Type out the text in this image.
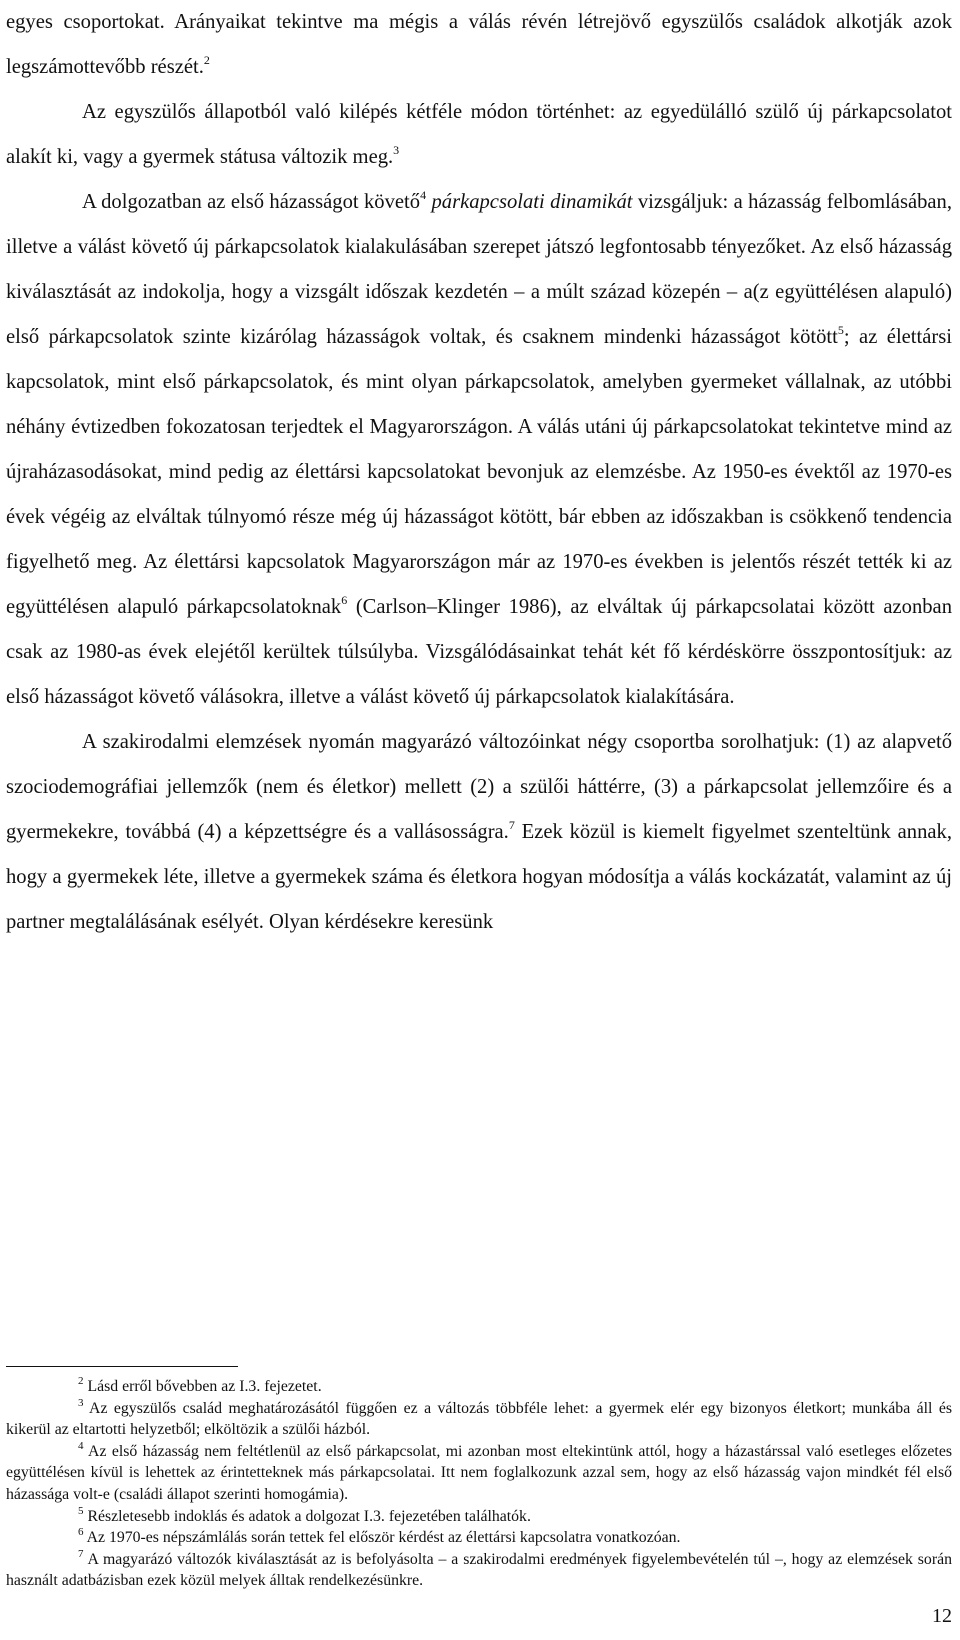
egyes csoportokat. Arányaikat tekintve ma mégis a válás révén létrejövő egyszülős családok alkotják azok legszámottevőbb részét.$^2$

Az egyszülős állapotból való kilépés kétféle módon történhet: az egyedülálló szülő új párkapcsolatot alakít ki, vagy a gyermek státusa változik meg.$^3$

A dolgozatban az első házasságot követő$^4$ párkapcsolati dinamikát vizsgáljuk: a házasság felbomlásában, illetve a válást követő új párkapcsolatok kialakulásában szerepet játszó legfontosabb tényezőket. Az első házasság kiválasztását az indokolja, hogy a vizsgált időszak kezdetén – a múlt század közepén – a(z együttélésen alapuló) első párkapcsolatok szinte kizárólag házasságok voltak, és csaknem mindenki házasságot kötött$^5$; az élettársi kapcsolatok, mint első párkapcsolatok, és mint olyan párkapcsolatok, amelyben gyermeket vállalnak, az utóbbi néhány évtizedben fokozatosan terjedtek el Magyarországon. A válás utáni új párkapcsolatokat tekintetve mind az újraházasodásokat, mind pedig az élettársi kapcsolatokat bevonjuk az elemzésbe. Az 1950-es évektől az 1970-es évek végéig az elváltak túlnyomó része még új házasságot kötött, bár ebben az időszakban is csökkenő tendencia figyelhető meg. Az élettársi kapcsolatok Magyarországon már az 1970-es években is jelentős részét tették ki az együttélésen alapuló párkapcsolatoknak$^6$ (Carlson–Klinger 1986), az elváltak új párkapcsolatai között azonban csak az 1980-as évek elejétől kerültek túlsúlyba. Vizsgálódásainkat tehát két fő kérdéskörre összpontosítjuk: az első házasságot követő válásokra, illetve a válást követő új párkapcsolatok kialakítására.

A szakirodalmi elemzések nyomán magyarázó változóinkat négy csoportba sorolhatjuk: (1) az alapvető szociodemográfiai jellemzők (nem és életkor) mellett (2) a szülői háttérre, (3) a párkapcsolat jellemzőire és a gyermekekre, továbbá (4) a képzettségre és a vallásosságra.$^7$ Ezek közül is kiemelt figyelmet szenteltünk annak, hogy a gyermekek léte, illetve a gyermekek száma és életkora hogyan módosítja a válás kockázatát, valamint az új partner megtalálásának esélyét. Olyan kérdésekre keresünk

$^2$ Lásd erről bővebben az I.3. fejezetet.

$^3$ Az egyszülős család meghatározásától függően ez a változás többféle lehet: a gyermek elér egy bizonyos életkort; munkába áll és kikerül az eltartotti helyzetből; elköltözik a szülői házból.

$^4$ Az első házasság nem feltétlenül az első párkapcsolat, mi azonban most eltekintünk attól, hogy a házastárssal való esetleges előzetes együttélésen kívül is lehettek az érintetteknek más párkapcsolatai. Itt nem foglalkozunk azzal sem, hogy az első házasság vajon mindkét fél első házassága volt-e (családi állapot szerinti homogámia).

$^5$ Részletesebb indoklás és adatok a dolgozat I.3. fejezetében találhatók.

$^6$ Az 1970-es népszámlálás során tettek fel először kérdést az élettársi kapcsolatra vonatkozóan.

$^7$ A magyarázó változók kiválasztását az is befolyásolta – a szakirodalmi eredmények figyelembevételén túl –, hogy az elemzések során használt adatbázisban ezek közül melyek álltak rendelkezésünkre.

12
